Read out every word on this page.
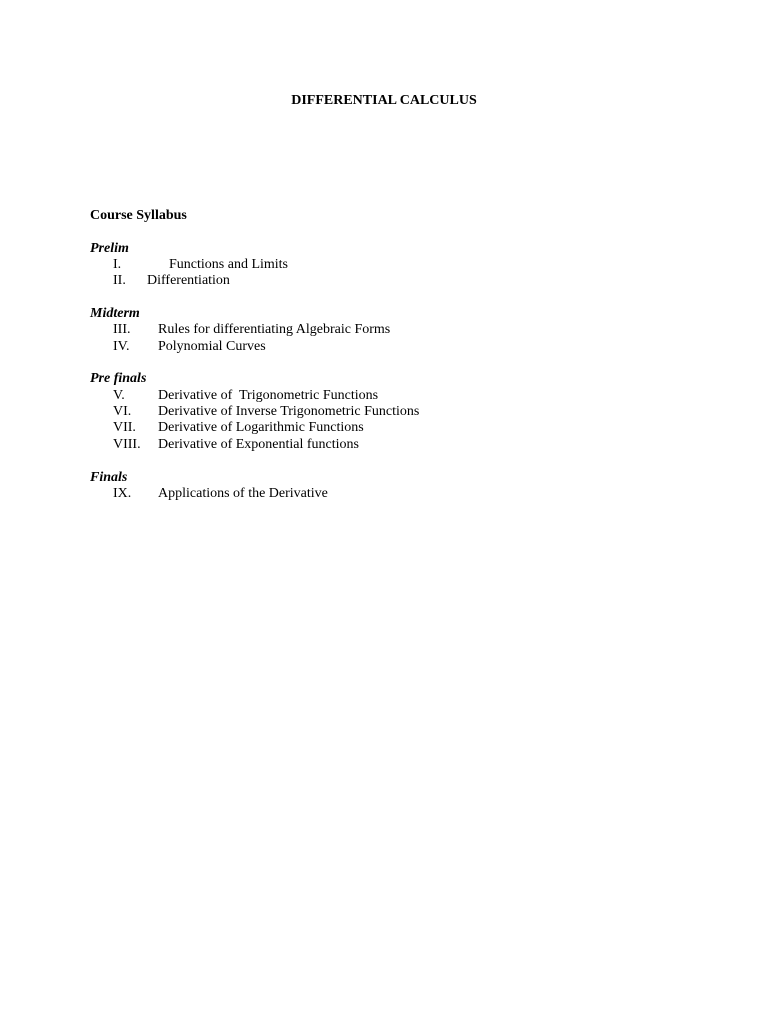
DIFFERENTIAL CALCULUS
Course Syllabus
Prelim
I.	Functions and Limits
II. Differentiation
Midterm
III. Rules for differentiating Algebraic Forms
IV. Polynomial Curves
Pre finals
V. Derivative of  Trigonometric Functions
VI. Derivative of Inverse Trigonometric Functions
VII. Derivative of Logarithmic Functions
VIII. Derivative of Exponential functions
Finals
IX. Applications of the Derivative
